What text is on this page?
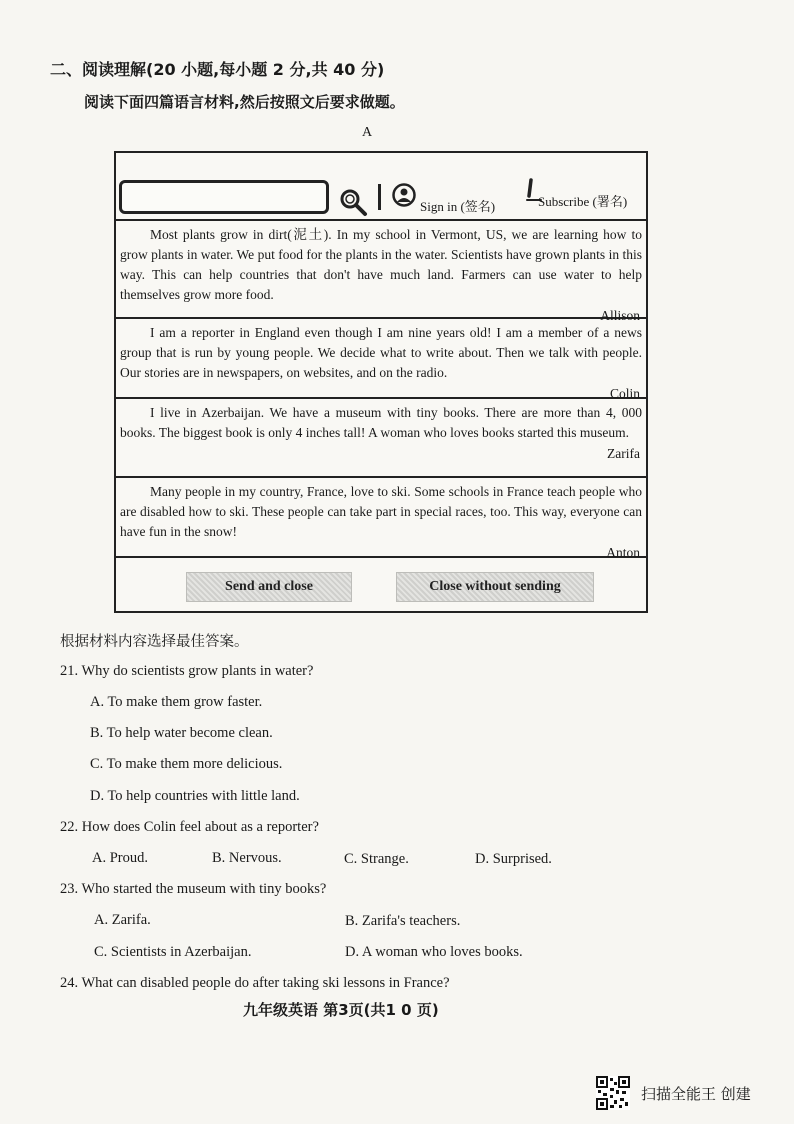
二、阅读理解(20 小题,每小题 2 分,共 40 分)
阅读下面四篇语言材料,然后按照文后要求做题。
A
Sign in (签名)	Subscribe (署名)

Most plants grow in dirt(泥土). In my school in Vermont, US, we are learning how to grow plants in water. We put food for the plants in the water. Scientists have grown plants in this way. This can help countries that don't have much land. Farmers can use water to help themselves grow more food.

Allison

I am a reporter in England even though I am nine years old! I am a member of a news group that is run by young people. We decide what to write about. Then we talk with people. Our stories are in newspapers, on websites, and on the radio.

Colin

I live in Azerbaijan. We have a museum with tiny books. There are more than 4, 000 books. The biggest book is only 4 inches tall! A woman who loves books started this museum.

Zarifa

Many people in my country, France, love to ski. Some schools in France teach people who are disabled how to ski. These people can take part in special races, too. This way, everyone can have fun in the snow!

Anton
Send and close	Close without sending
根据材料内容选择最佳答案。
21. Why do scientists grow plants in water?
A. To make them grow faster.
B. To help water become clean.
C. To make them more delicious.
D. To help countries with little land.
22. How does Colin feel about as a reporter?
A. Proud.	B. Nervous.	C. Strange.	D. Surprised.
23. Who started the museum with tiny books?
A. Zarifa.	B. Zarifa's teachers.
C. Scientists in Azerbaijan.	D. A woman who loves books.
24. What can disabled people do after taking ski lessons in France?
九年级英语 第3页(共1 0 页)
扫描全能王 创建
